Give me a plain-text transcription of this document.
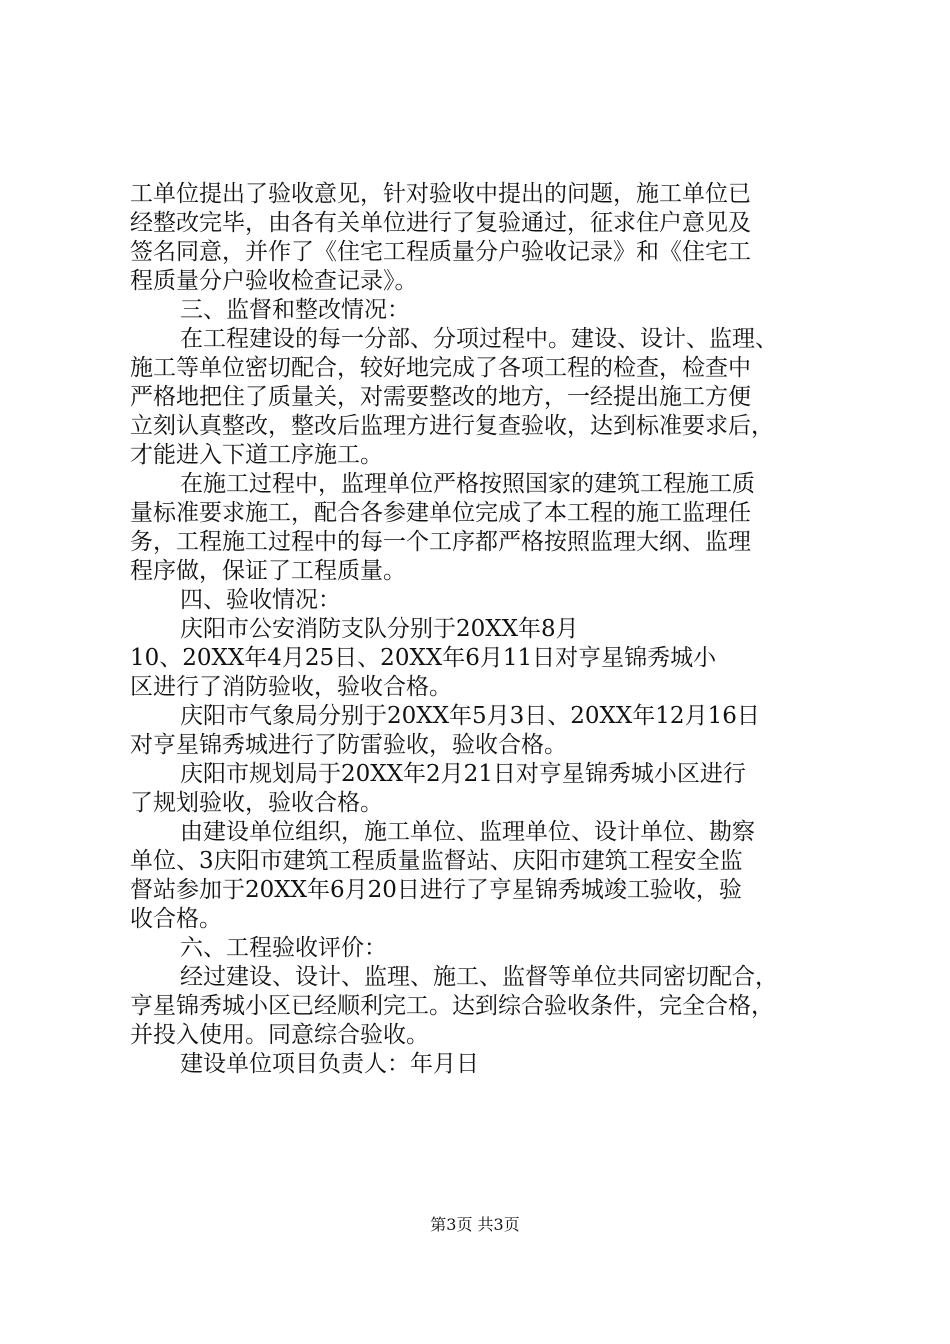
工单位提出了验收意见，针对验收中提出的问题，施工单位已
经整改完毕，由各有关单位进行了复验通过，征求住户意见及
签名同意，并作了《住宅工程质量分户验收记录》和《住宅工
程质量分户验收检查记录》。
三、监督和整改情况：
在工程建设的每一分部、分项过程中。建设、设计、监理、
施工等单位密切配合，较好地完成了各项工程的检查，检查中
严格地把住了质量关，对需要整改的地方，一经提出施工方便
立刻认真整改，整改后监理方进行复查验收，达到标准要求后，
才能进入下道工序施工。
在施工过程中，监理单位严格按照国家的建筑工程施工质
量标准要求施工，配合各参建单位完成了本工程的施工监理任
务，工程施工过程中的每一个工序都严格按照监理大纲、监理
程序做，保证了工程质量。
四、验收情况：
庆阳市公安消防支队分别于20XX年8月
10、20XX年4月25日、20XX年6月11日对亨星锦秀城小
区进行了消防验收，验收合格。
庆阳市气象局分别于20XX年5月3日、20XX年12月16日
对亨星锦秀城进行了防雷验收，验收合格。
庆阳市规划局于20XX年2月21日对亨星锦秀城小区进行
了规划验收，验收合格。
由建设单位组织，施工单位、监理单位、设计单位、勘察
单位、3庆阳市建筑工程质量监督站、庆阳市建筑工程安全监
督站参加于20XX年6月20日进行了亨星锦秀城竣工验收，验
收合格。
六、工程验收评价：
经过建设、设计、监理、施工、监督等单位共同密切配合，
亨星锦秀城小区已经顺利完工。达到综合验收条件，完全合格，
并投入使用。同意综合验收。
建设单位项目负责人：年月日
第3页 共3页
